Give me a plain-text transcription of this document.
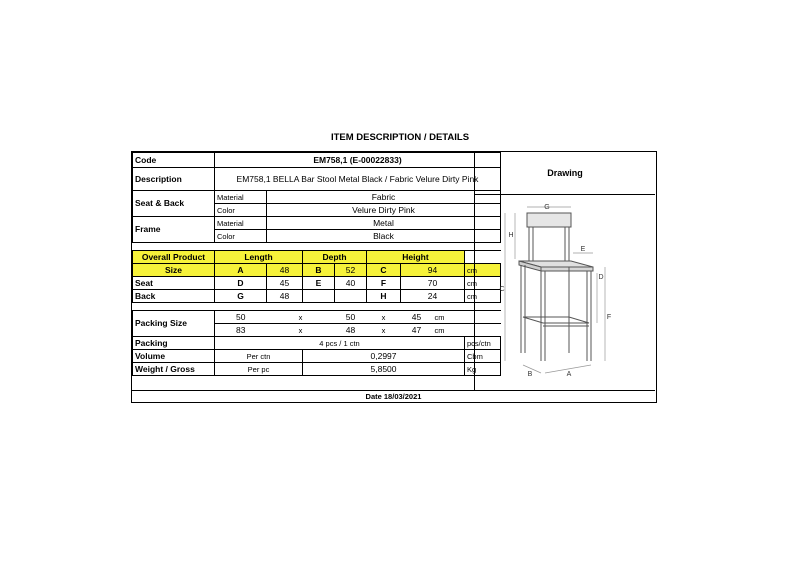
ITEM DESCRIPTION / DETAILS
Code	EM758,1 (E-00022833)							
Description	EM758,1 BELLA Bar Stool Metal Black / Fabric Velure Dirty Pink							
Seat & Back	Material	Fabric						
	Color	Velure Dirty Pink						
Frame	Material	Metal						
	Color	Black						

Overall Product	Length		Depth		Height			
Size	A	48	B	52	C	94		cm
Seat	D	45	E	40	F	70		cm
Back	G	48			H	24		cm

Packing Size	50	x		50	x	45	cm	
	83	x		48	x	47	cm	
Packing	4 pcs / 1 ctn							pcs/ctn
Volume	Per ctn		0,2997					Cbm
Weight / Gross	Per pc		5,8500					Kg
Drawing
G
H
C
E
D
F
B	A
Date 18/03/2021
